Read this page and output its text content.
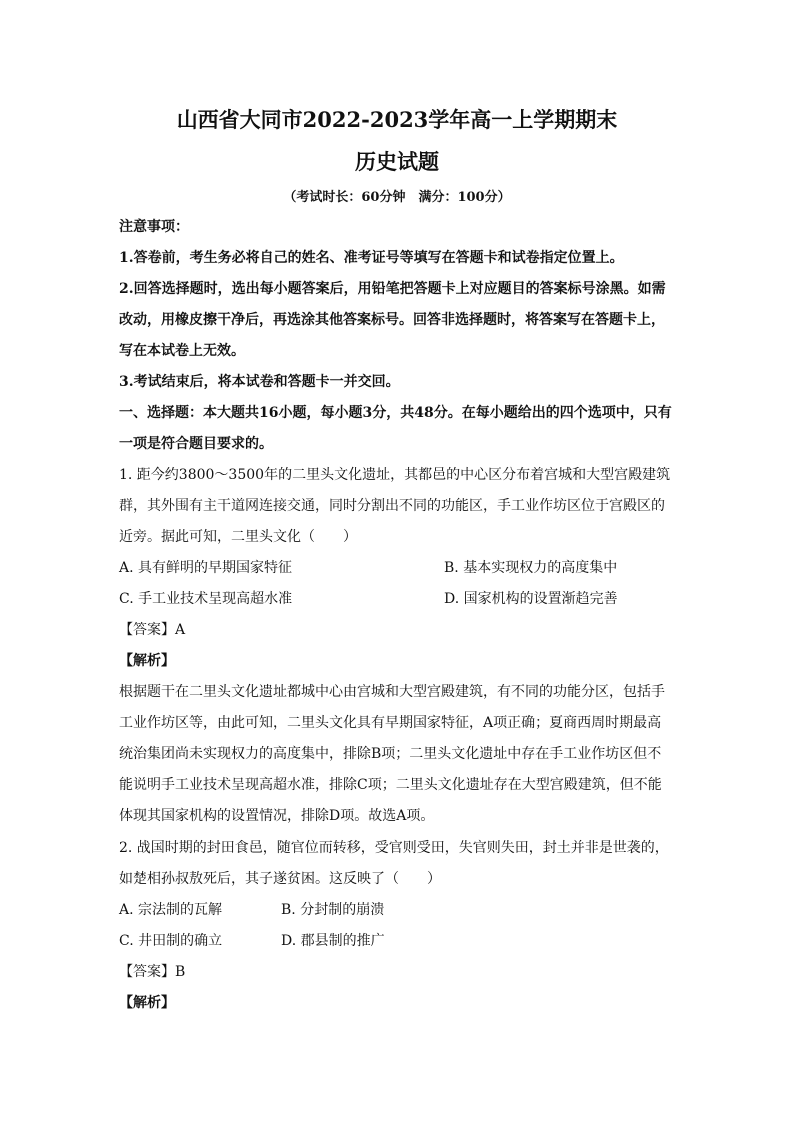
山西省大同市2022-2023学年高一上学期期末
历史试题

（考试时长：60分钟　满分：100分）

注意事项：

1.答卷前，考生务必将自己的姓名、准考证号等填写在答题卡和试卷指定位置上。

2.回答选择题时，选出每小题答案后，用铅笔把答题卡上对应题目的答案标号涂黑。如需改动，用橡皮擦干净后，再选涂其他答案标号。回答非选择题时，将答案写在答题卡上，写在本试卷上无效。

3.考试结束后，将本试卷和答题卡一并交回。

一、选择题：本大题共16小题，每小题3分，共48分。在每小题给出的四个选项中，只有一项是符合题目要求的。

1. 距今约3800～3500年的二里头文化遗址，其都邑的中心区分布着宫城和大型宫殿建筑群，其外围有主干道网连接交通，同时分割出不同的功能区，手工业作坊区位于宫殿区的近旁。据此可知，二里头文化（　　）

A. 具有鲜明的早期国家特征	B. 基本实现权力的高度集中
C. 手工业技术呈现高超水准	D. 国家机构的设置渐趋完善

【答案】A

【解析】

根据题干在二里头文化遗址都城中心由宫城和大型宫殿建筑，有不同的功能分区，包括手工业作坊区等，由此可知，二里头文化具有早期国家特征，A项正确；夏商西周时期最高统治集团尚未实现权力的高度集中，排除B项；二里头文化遗址中存在手工业作坊区但不能说明手工业技术呈现高超水准，排除C项；二里头文化遗址存在大型宫殿建筑，但不能体现其国家机构的设置情况，排除D项。故选A项。

2. 战国时期的封田食邑，随官位而转移，受官则受田，失官则失田，封土并非是世袭的，如楚相孙叔敖死后，其子遂贫困。这反映了（　　）

A. 宗法制的瓦解	B. 分封制的崩溃
C. 井田制的确立	D. 郡县制的推广

【答案】B

【解析】
